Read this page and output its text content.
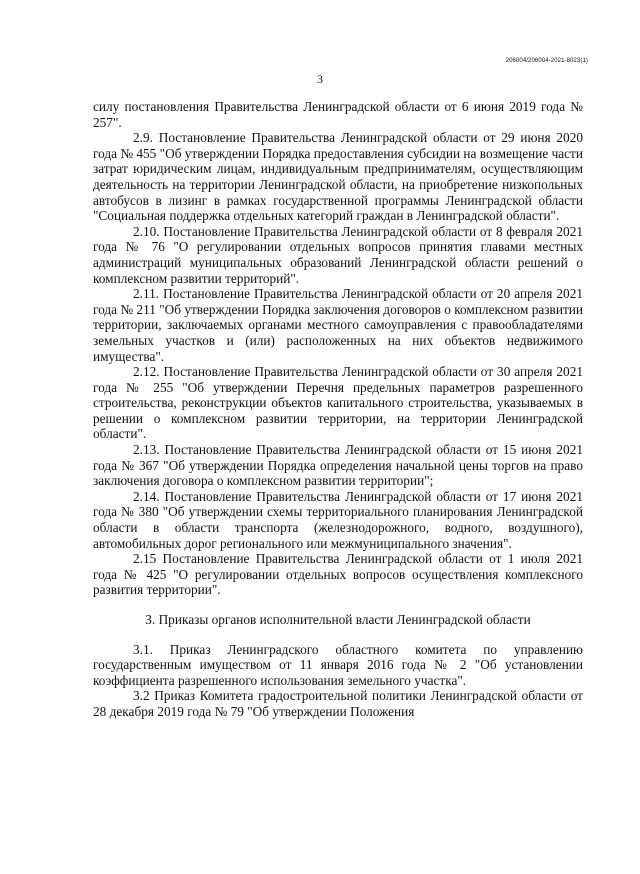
206004/206004-2021-8023(1)
3

силу постановления Правительства Ленинградской области от 6 июня 2019 года № 257".

2.9. Постановление Правительства Ленинградской области от 29 июня 2020 года № 455 "Об утверждении Порядка предоставления субсидии на возмещение части затрат юридическим лицам, индивидуальным предпринимателям, осуществляющим деятельность на территории Ленинградской области, на приобретение низкопольных автобусов в лизинг в рамках государственной программы Ленинградской области "Социальная поддержка отдельных категорий граждан в Ленинградской области".

2.10. Постановление Правительства Ленинградской области от 8 февраля 2021 года № 76 "О регулировании отдельных вопросов принятия главами местных администраций муниципальных образований Ленинградской области решений о комплексном развитии территорий".

2.11. Постановление Правительства Ленинградской области от 20 апреля 2021 года № 211 "Об утверждении Порядка заключения договоров о комплексном развитии территории, заключаемых органами местного самоуправления с правообладателями земельных участков и (или) расположенных на них объектов недвижимого имущества".

2.12. Постановление Правительства Ленинградской области от 30 апреля 2021 года № 255 "Об утверждении Перечня предельных параметров разрешенного строительства, реконструкции объектов капитального строительства, указываемых в решении о комплексном развитии территории, на территории Ленинградской области".

2.13. Постановление Правительства Ленинградской области от 15 июня 2021 года № 367 "Об утверждении Порядка определения начальной цены торгов на право заключения договора о комплексном развитии территории";

2.14. Постановление Правительства Ленинградской области от 17 июня 2021 года № 380 "Об утверждении схемы территориального планирования Ленинградской области в области транспорта (железнодорожного, водного, воздушного), автомобильных дорог регионального или межмуниципального значения".

2.15 Постановление Правительства Ленинградской области от 1 июля 2021 года № 425 "О регулировании отдельных вопросов осуществления комплексного развития территории".

3. Приказы органов исполнительной власти Ленинградской области

3.1. Приказ Ленинградского областного комитета по управлению государственным имуществом от 11 января 2016 года № 2 "Об установлении коэффициента разрешенного использования земельного участка".

3.2 Приказ Комитета градостроительной политики Ленинградской области от 28 декабря 2019 года № 79 "Об утверждении Положения
